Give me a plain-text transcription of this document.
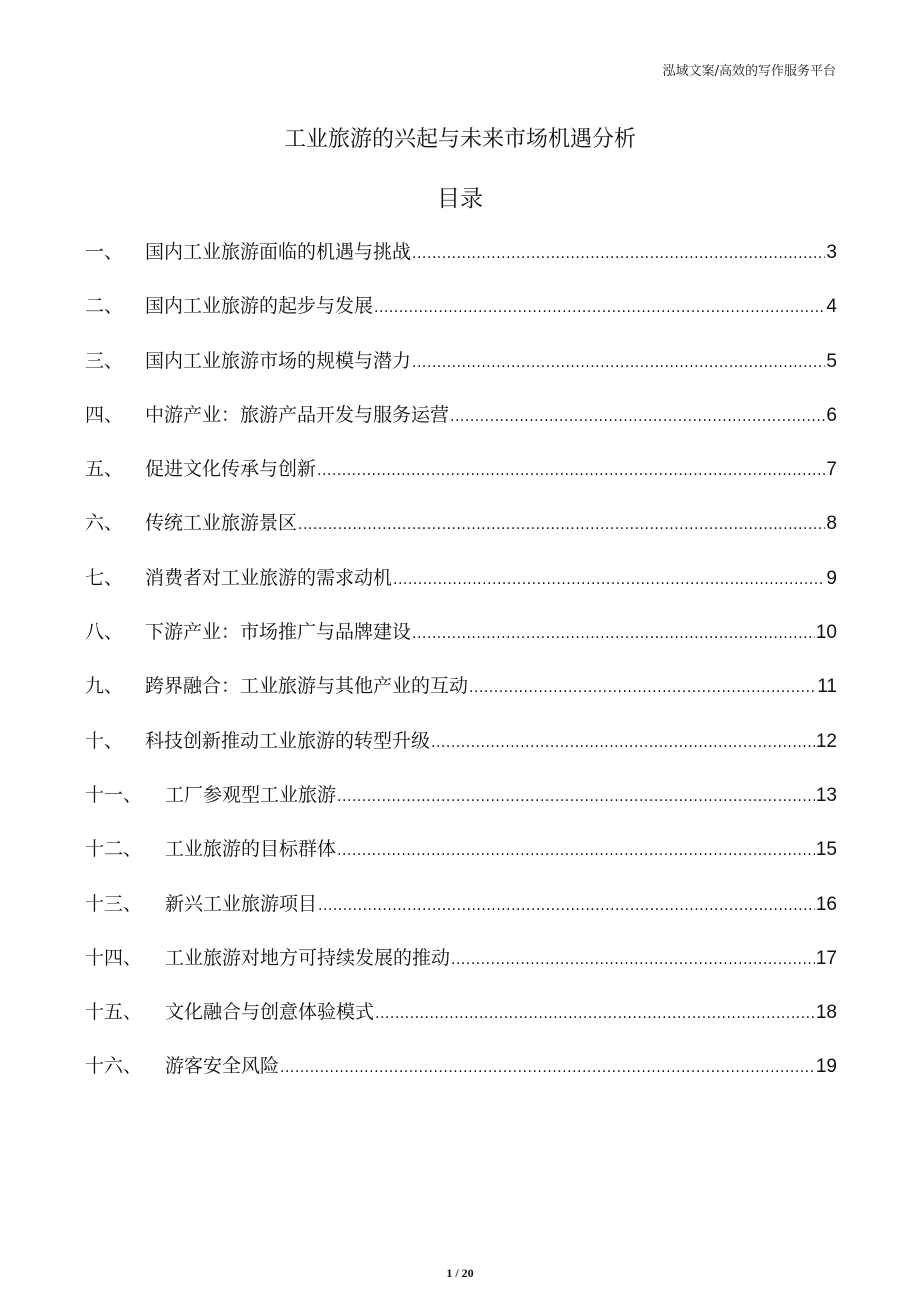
泓域文案/高效的写作服务平台
工业旅游的兴起与未来市场机遇分析
目录
一、	国内工业旅游面临的机遇与挑战 .....	3
二、	国内工业旅游的起步与发展 .....	4
三、	国内工业旅游市场的规模与潜力 .....	5
四、	中游产业：旅游产品开发与服务运营 .....	6
五、	促进文化传承与创新 .....	7
六、	传统工业旅游景区 .....	8
七、	消费者对工业旅游的需求动机 .....	9
八、	下游产业：市场推广与品牌建设 .....	10
九、	跨界融合：工业旅游与其他产业的互动 .....	11
十、	科技创新推动工业旅游的转型升级 .....	12
十一、	工厂参观型工业旅游 .....	13
十二、	工业旅游的目标群体 .....	15
十三、	新兴工业旅游项目 .....	16
十四、	工业旅游对地方可持续发展的推动 .....	17
十五、	文化融合与创意体验模式 .....	18
十六、	游客安全风险 .....	19
1 / 20
